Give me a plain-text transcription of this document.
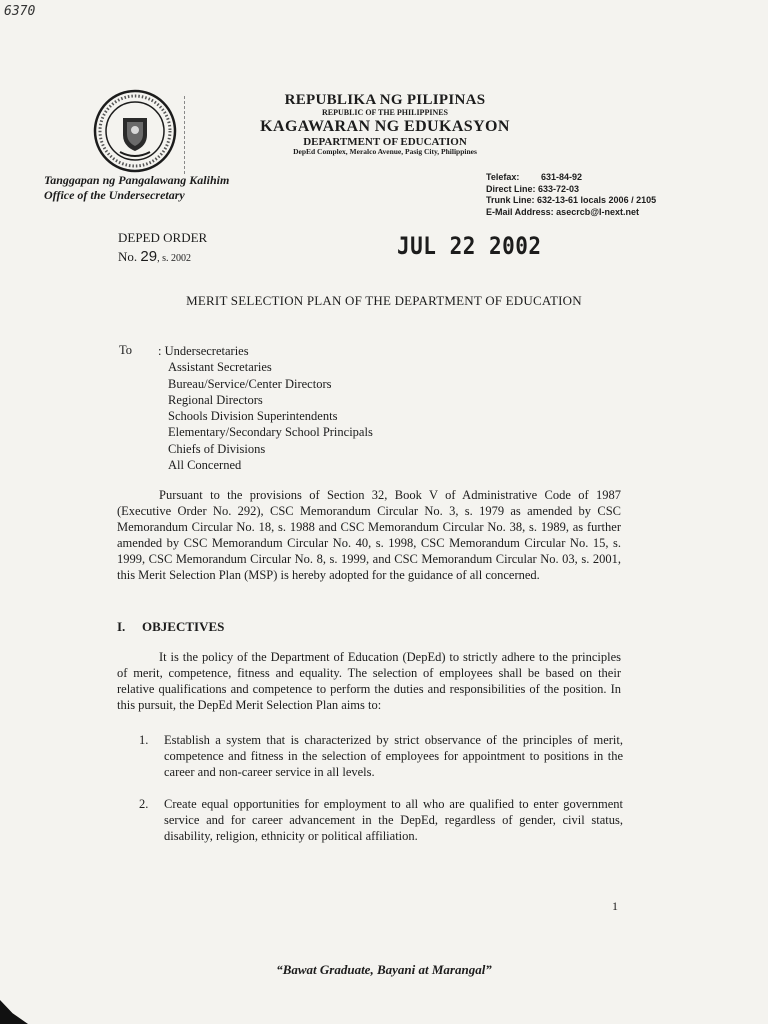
6370
REPUBLIKA NG PILIPINAS
REPUBLIC OF THE PHILIPPINES
KAGAWARAN NG EDUKASYON
DEPARTMENT OF EDUCATION
DepEd Complex, Meralco Avenue, Pasig City, Philippines
Tanggapan ng Pangalawang Kalihim
Office of the Undersecretary
Telefax: 631-84-92
Direct Line: 633-72-03
Trunk Line: 632-13-61 locals 2006 / 2105
E-Mail Address: asecrcb@I-next.net
DEPED ORDER
No. 29, s. 2002	JUL 22 2002
MERIT SELECTION PLAN OF THE DEPARTMENT OF EDUCATION
To : Undersecretaries
Assistant Secretaries
Bureau/Service/Center Directors
Regional Directors
Schools Division Superintendents
Elementary/Secondary School Principals
Chiefs of Divisions
All Concerned
Pursuant to the provisions of Section 32, Book V of Administrative Code of 1987 (Executive Order No. 292), CSC Memorandum Circular No. 3, s. 1979 as amended by CSC Memorandum Circular No. 18, s. 1988 and CSC Memorandum Circular No. 38, s. 1989, as further amended by CSC Memorandum Circular No. 40, s. 1998, CSC Memorandum Circular No. 15, s. 1999, CSC Memorandum Circular No. 8, s. 1999, and CSC Memorandum Circular No. 03, s. 2001, this Merit Selection Plan (MSP) is hereby adopted for the guidance of all concerned.
I. OBJECTIVES
It is the policy of the Department of Education (DepEd) to strictly adhere to the principles of merit, competence, fitness and equality. The selection of employees shall be based on their relative qualifications and competence to perform the duties and responsibilities of the position. In this pursuit, the DepEd Merit Selection Plan aims to:
1. Establish a system that is characterized by strict observance of the principles of merit, competence and fitness in the selection of employees for appointment to positions in the career and non-career service in all levels.
2. Create equal opportunities for employment to all who are qualified to enter government service and for career advancement in the DepEd, regardless of gender, civil status, disability, religion, ethnicity or political affiliation.
1
“Bawat Graduate, Bayani at Marangal”
